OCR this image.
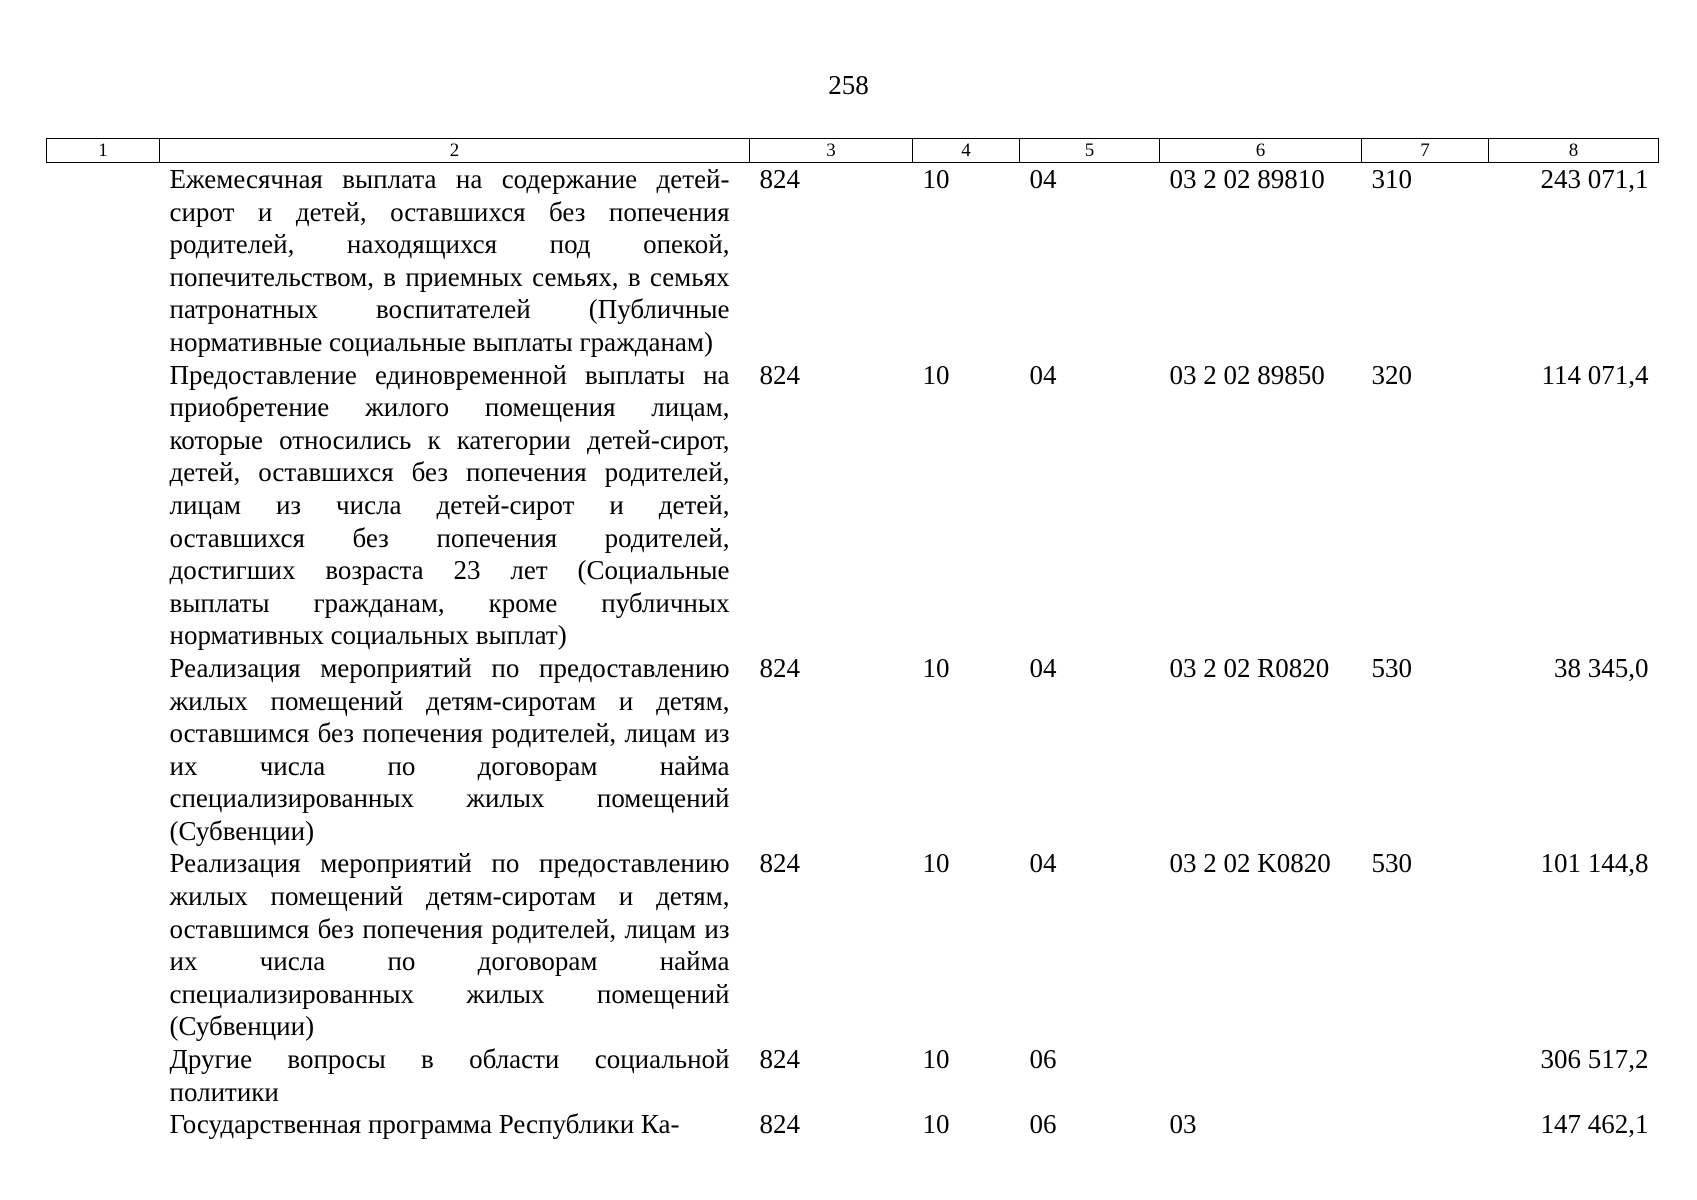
258
1	2	3	4	5	6	7	8
	Ежемесячная выплата на содержание детей-сирот и детей, оставшихся без попечения родителей, находящихся под опекой, попечительством, в приемных семьях, в семьях патронатных воспитателей (Публичные нормативные социальные выплаты гражданам)	824	10	04	03 2 02 89810	310	243 071,1
	Предоставление единовременной выплаты на приобретение жилого помещения лицам, которые относились к категории детей-сирот, детей, оставшихся без попечения родителей, лицам из числа детей-сирот и детей, оставшихся без попечения родителей, достигших возраста 23 лет (Социальные выплаты гражданам, кроме публичных нормативных социальных выплат)	824	10	04	03 2 02 89850	320	114 071,4
	Реализация мероприятий по предоставлению жилых помещений детям-сиротам и детям, оставшимся без попечения родителей, лицам из их числа по договорам найма специализированных жилых помещений (Субвенции)	824	10	04	03 2 02 R0820	530	38 345,0
	Реализация мероприятий по предоставлению жилых помещений детям-сиротам и детям, оставшимся без попечения родителей, лицам из их числа по договорам найма специализированных жилых помещений (Субвенции)	824	10	04	03 2 02 K0820	530	101 144,8
	Другие вопросы в области социальной политики	824	10	06			306 517,2
	Государственная программа Республики Ка-	824	10	06	03		147 462,1
